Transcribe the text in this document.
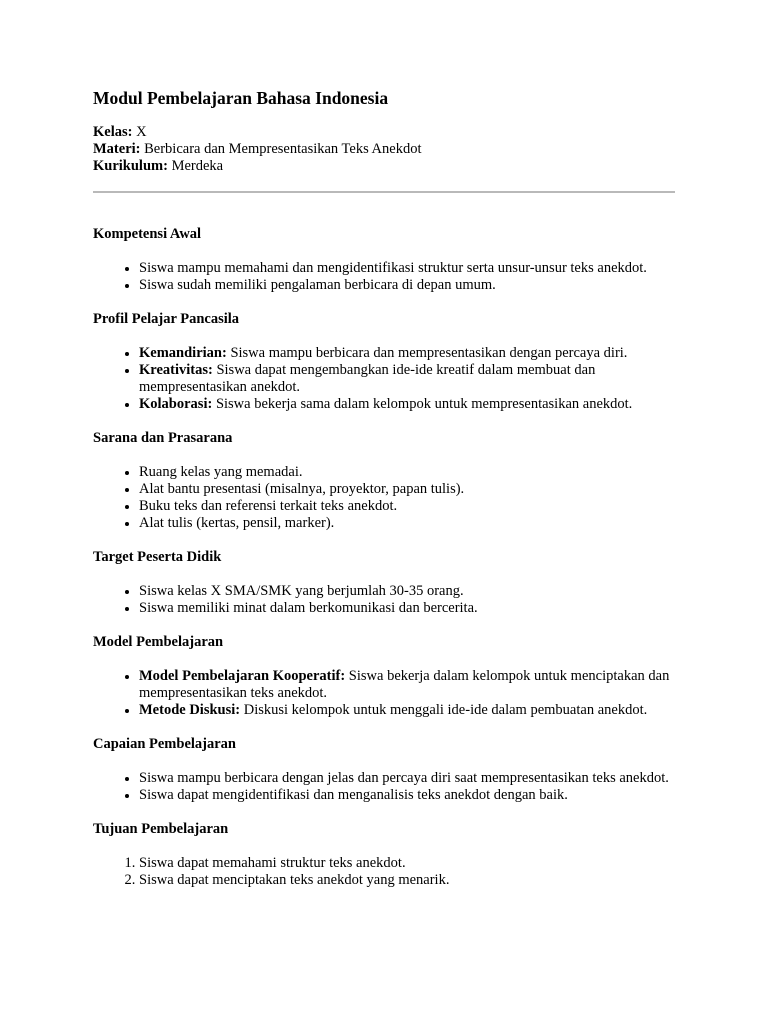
Modul Pembelajaran Bahasa Indonesia
Kelas: X
Materi: Berbicara dan Mempresentasikan Teks Anekdot
Kurikulum: Merdeka
Kompetensi Awal
• Siswa mampu memahami dan mengidentifikasi struktur serta unsur-unsur teks anekdot.
• Siswa sudah memiliki pengalaman berbicara di depan umum.
Profil Pelajar Pancasila
• Kemandirian: Siswa mampu berbicara dan mempresentasikan dengan percaya diri.
• Kreativitas: Siswa dapat mengembangkan ide-ide kreatif dalam membuat dan mempresentasikan anekdot.
• Kolaborasi: Siswa bekerja sama dalam kelompok untuk mempresentasikan anekdot.
Sarana dan Prasarana
• Ruang kelas yang memadai.
• Alat bantu presentasi (misalnya, proyektor, papan tulis).
• Buku teks dan referensi terkait teks anekdot.
• Alat tulis (kertas, pensil, marker).
Target Peserta Didik
• Siswa kelas X SMA/SMK yang berjumlah 30-35 orang.
• Siswa memiliki minat dalam berkomunikasi dan bercerita.
Model Pembelajaran
• Model Pembelajaran Kooperatif: Siswa bekerja dalam kelompok untuk menciptakan dan mempresentasikan teks anekdot.
• Metode Diskusi: Diskusi kelompok untuk menggali ide-ide dalam pembuatan anekdot.
Capaian Pembelajaran
• Siswa mampu berbicara dengan jelas dan percaya diri saat mempresentasikan teks anekdot.
• Siswa dapat mengidentifikasi dan menganalisis teks anekdot dengan baik.
Tujuan Pembelajaran
1. Siswa dapat memahami struktur teks anekdot.
2. Siswa dapat menciptakan teks anekdot yang menarik.
